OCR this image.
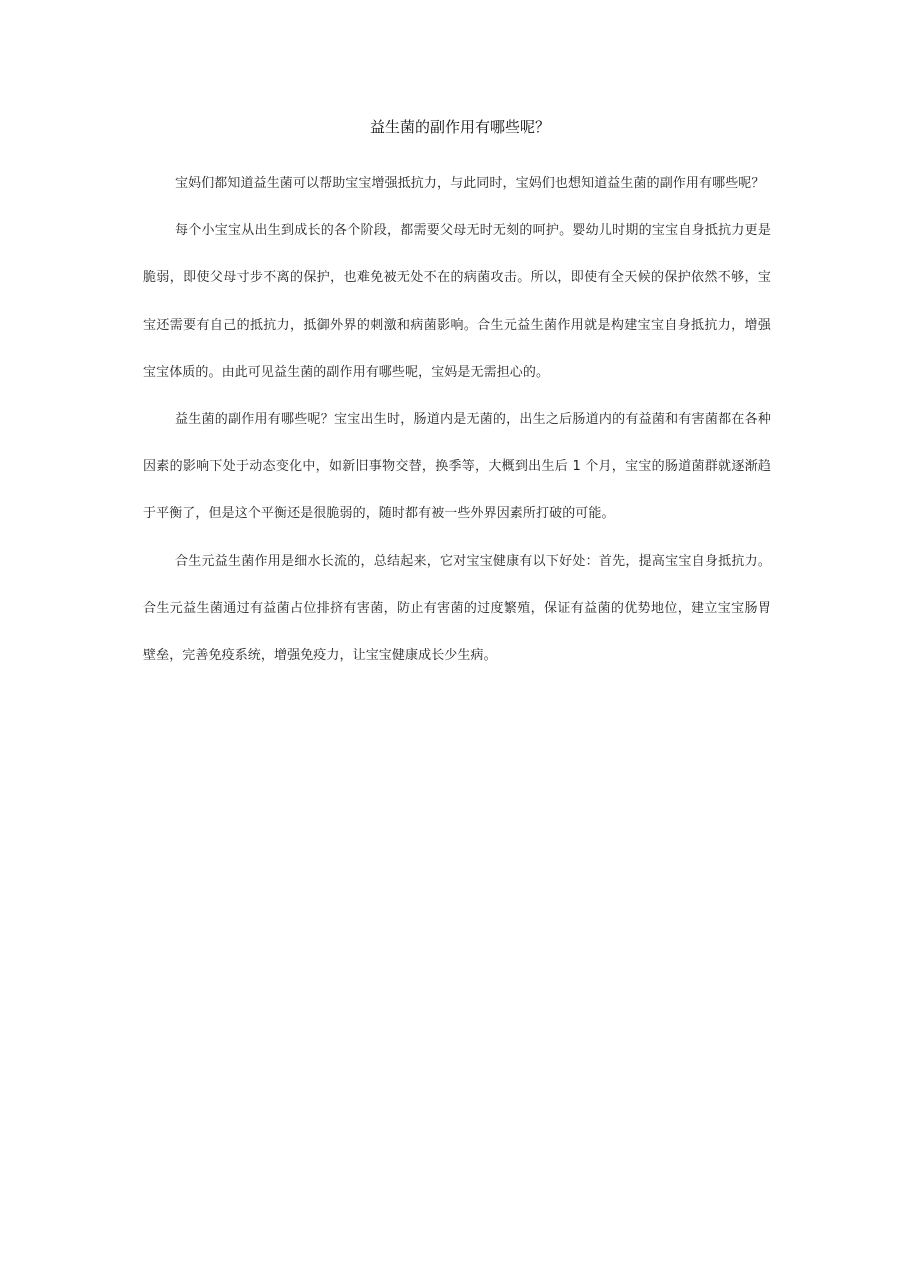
益生菌的副作用有哪些呢？

宝妈们都知道益生菌可以帮助宝宝增强抵抗力，与此同时，宝妈们也想知道益生菌的副作用有哪些呢？

每个小宝宝从出生到成长的各个阶段，都需要父母无时无刻的呵护。婴幼儿时期的宝宝自身抵抗力更是脆弱，即使父母寸步不离的保护，也难免被无处不在的病菌攻击。所以，即使有全天候的保护依然不够，宝宝还需要有自己的抵抗力，抵御外界的刺激和病菌影响。合生元益生菌作用就是构建宝宝自身抵抗力，增强宝宝体质的。由此可见益生菌的副作用有哪些呢，宝妈是无需担心的。

益生菌的副作用有哪些呢？宝宝出生时，肠道内是无菌的，出生之后肠道内的有益菌和有害菌都在各种因素的影响下处于动态变化中，如新旧事物交替，换季等，大概到出生后 1 个月，宝宝的肠道菌群就逐渐趋于平衡了，但是这个平衡还是很脆弱的，随时都有被一些外界因素所打破的可能。

合生元益生菌作用是细水长流的，总结起来，它对宝宝健康有以下好处：首先，提高宝宝自身抵抗力。合生元益生菌通过有益菌占位排挤有害菌，防止有害菌的过度繁殖，保证有益菌的优势地位，建立宝宝肠胃壁垒，完善免疫系统，增强免疫力，让宝宝健康成长少生病。
